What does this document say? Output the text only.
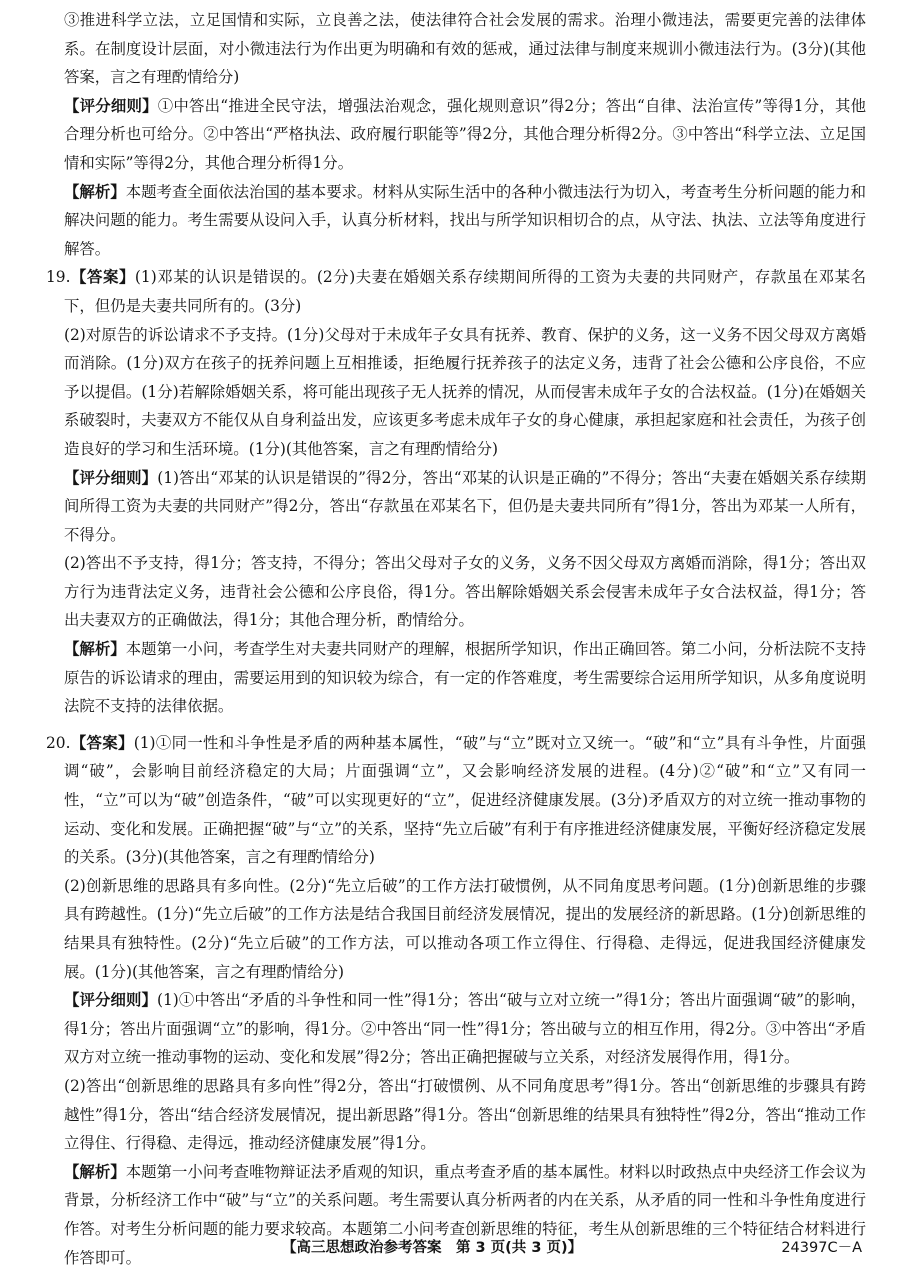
③推进科学立法，立足国情和实际，立良善之法，使法律符合社会发展的需求。治理小微违法，需要更完善的法律体系。在制度设计层面，对小微违法行为作出更为明确和有效的惩戒，通过法律与制度来规训小微违法行为。(3分)(其他答案，言之有理酌情给分)

【评分细则】①中答出“推进全民守法，增强法治观念，强化规则意识”得2分；答出“自律、法治宣传”等得1分，其他合理分析也可给分。②中答出“严格执法、政府履行职能等”得2分，其他合理分析得2分。③中答出“科学立法、立足国情和实际”等得2分，其他合理分析得1分。

【解析】本题考查全面依法治国的基本要求。材料从实际生活中的各种小微违法行为切入，考查考生分析问题的能力和解决问题的能力。考生需要从设问入手，认真分析材料，找出与所学知识相切合的点，从守法、执法、立法等角度进行解答。

19.【答案】(1)邓某的认识是错误的。(2分)夫妻在婚姻关系存续期间所得的工资为夫妻的共同财产，存款虽在邓某名下，但仍是夫妻共同所有的。(3分)

(2)对原告的诉讼请求不予支持。(1分)父母对于未成年子女具有抚养、教育、保护的义务，这一义务不因父母双方离婚而消除。(1分)双方在孩子的抚养问题上互相推诿，拒绝履行抚养孩子的法定义务，违背了社会公德和公序良俗，不应予以提倡。(1分)若解除婚姻关系，将可能出现孩子无人抚养的情况，从而侵害未成年子女的合法权益。(1分)在婚姻关系破裂时，夫妻双方不能仅从自身利益出发，应该更多考虑未成年子女的身心健康，承担起家庭和社会责任，为孩子创造良好的学习和生活环境。(1分)(其他答案，言之有理酌情给分)

【评分细则】(1)答出“邓某的认识是错误的”得2分，答出“邓某的认识是正确的”不得分；答出“夫妻在婚姻关系存续期间所得工资为夫妻的共同财产”得2分，答出“存款虽在邓某名下，但仍是夫妻共同所有”得1分，答出为邓某一人所有，不得分。

(2)答出不予支持，得1分；答支持，不得分；答出父母对子女的义务，义务不因父母双方离婚而消除，得1分；答出双方行为违背法定义务，违背社会公德和公序良俗，得1分。答出解除婚姻关系会侵害未成年子女合法权益，得1分；答出夫妻双方的正确做法，得1分；其他合理分析，酌情给分。

【解析】本题第一小问，考查学生对夫妻共同财产的理解，根据所学知识，作出正确回答。第二小问，分析法院不支持原告的诉讼请求的理由，需要运用到的知识较为综合，有一定的作答难度，考生需要综合运用所学知识，从多角度说明法院不支持的法律依据。

20.【答案】(1)①同一性和斗争性是矛盾的两种基本属性，“破”与“立”既对立又统一。“破”和“立”具有斗争性，片面强调“破”，会影响目前经济稳定的大局；片面强调“立”，又会影响经济发展的进程。(4分)②“破”和“立”又有同一性，“立”可以为“破”创造条件，“破”可以实现更好的“立”，促进经济健康发展。(3分)矛盾双方的对立统一推动事物的运动、变化和发展。正确把握“破”与“立”的关系，坚持“先立后破”有利于有序推进经济健康发展，平衡好经济稳定发展的关系。(3分)(其他答案，言之有理酌情给分)

(2)创新思维的思路具有多向性。(2分)“先立后破”的工作方法打破惯例，从不同角度思考问题。(1分)创新思维的步骤具有跨越性。(1分)“先立后破”的工作方法是结合我国目前经济发展情况，提出的发展经济的新思路。(1分)创新思维的结果具有独特性。(2分)“先立后破”的工作方法，可以推动各项工作立得住、行得稳、走得远，促进我国经济健康发展。(1分)(其他答案，言之有理酌情给分)

【评分细则】(1)①中答出“矛盾的斗争性和同一性”得1分；答出“破与立对立统一”得1分；答出片面强调“破”的影响，得1分；答出片面强调“立”的影响，得1分。②中答出“同一性”得1分；答出破与立的相互作用，得2分。③中答出“矛盾双方对立统一推动事物的运动、变化和发展”得2分；答出正确把握破与立关系，对经济发展得作用，得1分。

(2)答出“创新思维的思路具有多向性”得2分，答出“打破惯例、从不同角度思考”得1分。答出“创新思维的步骤具有跨越性”得1分，答出“结合经济发展情况，提出新思路”得1分。答出“创新思维的结果具有独特性”得2分，答出“推动工作立得住、行得稳、走得远，推动经济健康发展”得1分。

【解析】本题第一小问考查唯物辩证法矛盾观的知识，重点考查矛盾的基本属性。材料以时政热点中央经济工作会议为背景，分析经济工作中“破”与“立”的关系问题。考生需要认真分析两者的内在关系，从矛盾的同一性和斗争性角度进行作答。对考生分析问题的能力要求较高。本题第二小问考查创新思维的特征，考生从创新思维的三个特征结合材料进行作答即可。

【高三思想政治参考答案　第 3 页(共 3 页)】	24397C－A
